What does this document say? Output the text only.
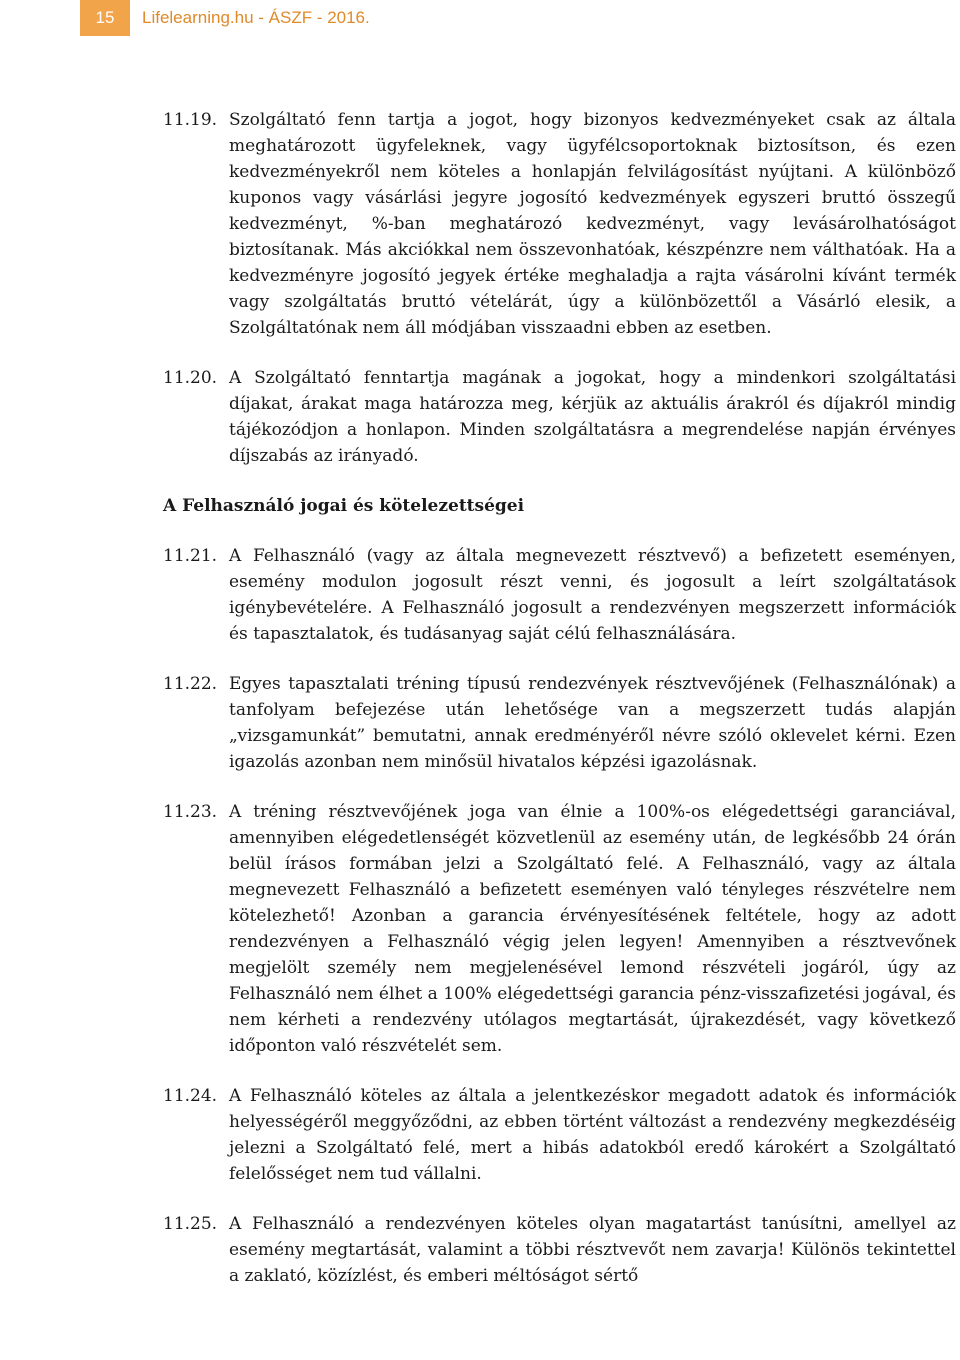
15	Lifelearning.hu - ÁSZF - 2016.
11.19. Szolgáltató fenn tartja a jogot, hogy bizonyos kedvezményeket csak az általa meghatározott ügyfeleknek, vagy ügyfélcsoportoknak biztosítson, és ezen kedvezményekről nem köteles a honlapján felvilágosítást nyújtani. A különböző kuponos vagy vásárlási jegyre jogosító kedvezmények egyszeri bruttó összegű kedvezményt, %-ban meghatározó kedvezményt, vagy levásárolhatóságot biztosítanak. Más akciókkal nem összevonhatóak, készpénzre nem válthatóak. Ha a kedvezményre jogosító jegyek értéke meghaladja a rajta vásárolni kívánt termék vagy szolgáltatás bruttó vételárát, úgy a különbözettől a Vásárló elesik, a Szolgáltatónak nem áll módjában visszaadni ebben az esetben.
11.20. A Szolgáltató fenntartja magának a jogokat, hogy a mindenkori szolgáltatási díjakat, árakat maga határozza meg, kérjük az aktuális árakról és díjakról mindig tájékozódjon a honlapon. Minden szolgáltatásra a megrendelése napján érvényes díjszabás az irányadó.
A Felhasználó jogai és kötelezettségei
11.21. A Felhasználó (vagy az általa megnevezett résztvevő) a befizetett eseményen, esemény modulon jogosult részt venni, és jogosult a leírt szolgáltatások igénybevételére. A Felhasználó jogosult a rendezvényen megszerzett információk és tapasztalatok, és tudásanyag saját célú felhasználására.
11.22. Egyes tapasztalati tréning típusú rendezvények résztvevőjének (Felhasználónak) a tanfolyam befejezése után lehetősége van a megszerzett tudás alapján „vizsgamunkát” bemutatni, annak eredményéről névre szóló oklevelet kérni. Ezen igazolás azonban nem minősül hivatalos képzési igazolásnak.
11.23. A tréning résztvevőjének joga van élnie a 100%-os elégedettségi garanciával, amennyiben elégedetlenségét közvetlenül az esemény után, de legkésőbb 24 órán belül írásos formában jelzi a Szolgáltató felé. A Felhasználó, vagy az általa megnevezett Felhasználó a befizetett eseményen való tényleges részvételre nem kötelezhető! Azonban a garancia érvényesítésének feltétele, hogy az adott rendezvényen a Felhasználó végig jelen legyen! Amennyiben a résztvevőnek megjelölt személy nem megjelenésével lemond részvételi jogáról, úgy az Felhasználó nem élhet a 100% elégedettségi garancia pénz-visszafizetési jogával, és nem kérheti a rendezvény utólagos megtartását, újrakezdését, vagy következő időponton való részvételét sem.
11.24. A Felhasználó köteles az általa a jelentkezéskor megadott adatok és információk helyességéről meggyőződni, az ebben történt változást a rendezvény megkezdéséig jelezni a Szolgáltató felé, mert a hibás adatokból eredő károkért a Szolgáltató felelősséget nem tud vállalni.
11.25. A Felhasználó a rendezvényen köteles olyan magatartást tanúsítni, amellyel az esemény megtartását, valamint a többi résztvevőt nem zavarja! Különös tekintettel a zaklató, közízlést, és emberi méltóságot sértő
